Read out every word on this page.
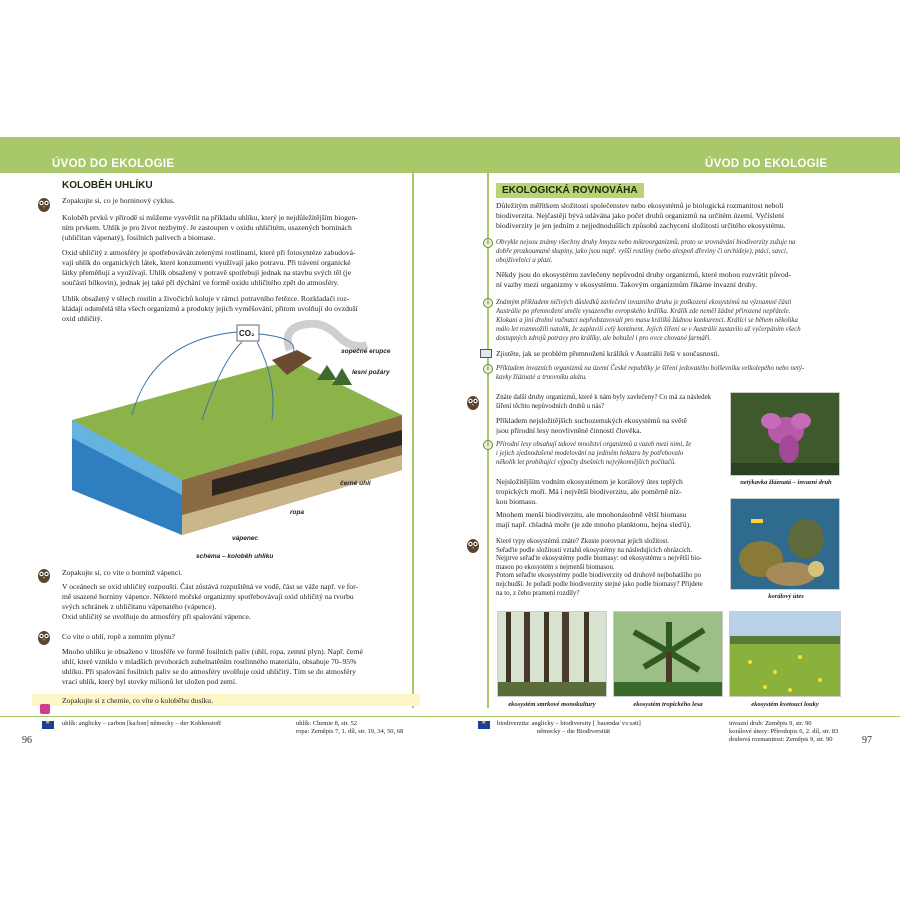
ÚVOD DO EKOLOGIE	ÚVOD DO EKOLOGIE
KOLOBĚH UHLÍKU
Zopakujte si, co je horninový cyklus.
Koloběh prvků v přírodě si můžeme vysvětlit na příkladu uhlíku, který je nejdůležitějším biogen-
ním prvkem. Uhlík je pro život nezbytný. Je zastoupen v oxidu uhličitém, usazených horninách
(uhličitan vápenatý), fosilních palivech a biomase.
Oxid uhličitý z atmosféry je spotřebováván zelenými rostlinami, které při fotosyntéze zabudová-
vají uhlík do organických látek, které konzumenti využívají jako potravu. Při trávení organické
látky přeměňují a využívají. Uhlík obsažený v potravě spotřebují jednak na stavbu svých těl (je
součástí bílkovin), jednak jej také při dýchání ve formě oxidu uhličitého zpět do atmosféry.
Uhlík obsažený v tělech rostlin a živočichů koluje v rámci potravního řetězce. Rozkladači roz-
kládají odumřelá těla všech organizmů a produkty jejich vyměšování, přitom uvolňují do ovzduší
oxid uhličitý.
CO₂
sopečné erupce
lesní požáry
černé uhlí
ropa
vápenec
schéma – koloběh uhlíku
Zopakujte si, co víte o horninž vápenci.
V oceánech se oxid uhličitý rozpouští. Část zůstává rozpuštěná ve vodě, část se váže např. ve for-
mě usazené horniny vápence. Některé mořské organizmy spotřebovávají oxid uhličitý na tvorbu
svých schránek z uhličitanu vápenatého (vápence).
Oxid uhličitý se uvolňuje do atmosféry při spalování vápence.
Co víte o uhlí, ropě a zemním plynu?
Mnoho uhlíku je obsaženo v litosféře ve formě fosilních paliv (uhlí, ropa, zemní plyn). Např. černé
uhlí, které vzniklo v mladších prvohorách zuhelnatěním rostlinného materiálu, obsahuje 70–95%
uhlíku. Při spalování fosilních paliv se do atmosféry uvolňuje oxid uhličitý. Tím se do atmosféry
vrací uhlík, který byl stovky milionů let uložen pod zemí.
Zopakujte si z chemie, co víte o koloběhu dusíku.
★
uhlík: anglicky – carbon [ka:bən] německy – der Kohlenstoff	uhlík: Chemie 8, str. 52
ropa: Zeměpis 7, 1. díl, str. 19, 34, 50, 68
96
EKOLOGICKÁ ROVNOVÁHA
Důležitým měřítkem složitosti společenstev nebo ekosystémů je biologická rozmanitost neboli
biodiverzita. Nejčastěji bývá udávána jako počet druhů organizmů na určitém území. Vyčíslení
biodiverzity je jen jedním z nejjednodušších způsobů zachycení složitosti určitého ekosystému.
i	Obvykle nejsou známy všechny druhy hmyzu nebo mikroorganizmů, proto se srovnávání biodiverzity zužuje na
dobře prozkoumané skupiny, jako jsou např. vyšší rostliny (nebo alespoň dřeviny či orchideje), ptáci, savci,
obojživelníci a plazi.
Někdy jsou do ekosystému zavlečeny nepůvodní druhy organizmů, které mohou rozvrátit původ-
ní vazby mezi organizmy v ekosystému. Takovým organizmům říkáme invazní druhy.
i	Známým příkladem ničivých důsledků zavlečení invazního druhu je poškození ekosystémů na významné části
Austrálie po přemnožení uměle vysazeného evropského králíka. Králík zde neměl žádné přirozené nepřátele.
Klokani a jiní drobní vačnatci nepředstavovali pro masu králíků žádnou konkurenci. Králíci se během několika
málo let rozmnožili natolik, že zaplavili celý kontinent. Jejich šíření se v Austrálii zastavilo až vyčerpáním všech
dostupných zdrojů potravy pro králíky, ale bohužel i pro ovce chované farmáři.
Zjistěte, jak se problém přemnožení králíků v Austrálii řeší v současnosti.
i	Příkladem invazních organizmů na území České republiky je šíření jedovatého bolševníku velkolepého nebo netý-
kavky žláznaté a trnovníku akátu.
Znáte další druhy organizmů, které k nám byly zavlečeny? Co má za následek
šíření těchto nepůvodních druhů u nás?
Příkladem nejsložitějších suchozemských ekosystémů na světě
jsou přírodní lesy neovlivněné činností člověka.
i	Přírodní lesy obsahují takové množství organizmů a vazeb mezi nimi, že
i jejich zjednodušené modelování na jediném hektaru by potřebovalo
několik let probíhající výpočty dnešních nejvýkonnějších počítačů.
Nejsložitějším vodním ekosystémem je korálový útes teplých
tropických moří. Má i největší biodiverzitu, ale poměrně níz-
kou biomasu.
Mnohem menší biodiverzitu, ale mnohonásobně větší biomasu
mají např. chladná moře (je zde mnoho planktonu, hejna sleďů).
Které typy ekosystémů znáte? Zkuste porovnat jejich složitost.
Seřaďte podle složitosti vztahů ekosystémy na následujících obrázcích.
Nejprve seřaďte ekosystémy podle biomasy: od ekosystému s největší bio-
masou po ekosystém s nejmenší biomasou.
Potom seřaďte ekosystémy podle biodiverzity od druhově nejbohatšího po
nejchudší. Je pořadí podle biodiverzity stejné jako podle biomasy? Přijdete
na to, z čeho pramení rozdíly?
netýkavka žláznatá – invazní druh
korálový útes
ekosystém smrkové monokultury	ekosystém tropického lesa	ekosystém kvetoucí louky
★
biodiverzita: anglicky – biodiversity [ˌbaɪəʊdaɪˈvɜːsəti]
německy – die Biodiversität
invazní druh: Zeměpis 9, str. 90
korálové útesy: Přírodopis 6, 2. díl, str. 83
druhová rozmanitost: Zeměpis 9, str. 90	97
